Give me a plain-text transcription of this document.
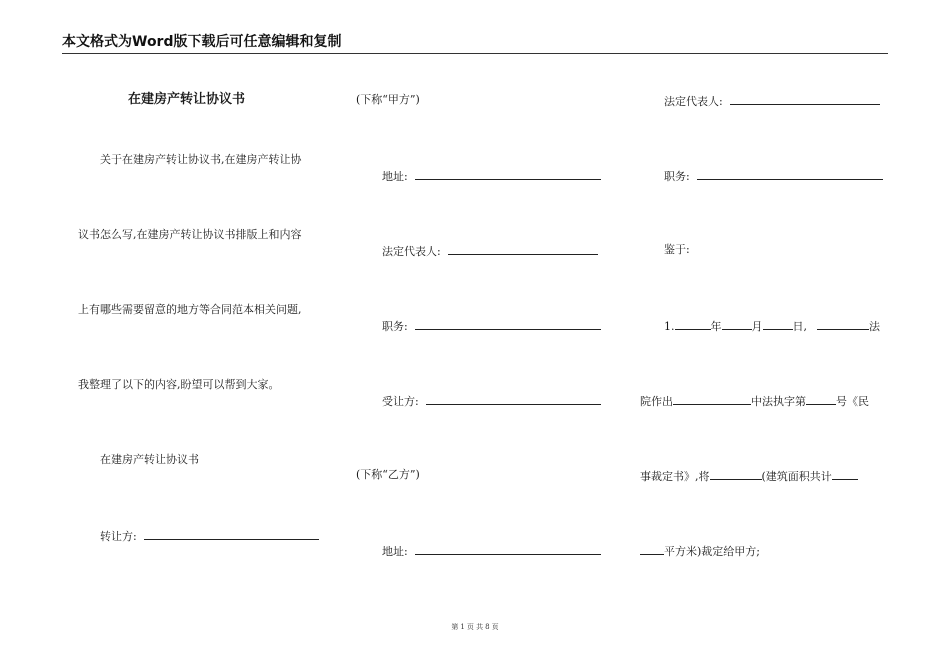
本文格式为Word版下载后可任意编辑和复制
在建房产转让协议书
关于在建房产转让协议书,在建房产转让协
议书怎么写,在建房产转让协议书排版上和内容
上有哪些需要留意的地方等合同范本相关问题,
我整理了以下的内容,盼望可以帮到大家。
在建房产转让协议书
转让方:
(下称“甲方”)
地址:
法定代表人:
职务:
受让方:
(下称“乙方”)
地址:
法定代表人:
职务:
鉴于:
1.	年	月	日,	法
院作出	中法执字第	号《民
事裁定书》,将	(建筑面积共计
平方米)裁定给甲方;
第 1 页 共 8 页
